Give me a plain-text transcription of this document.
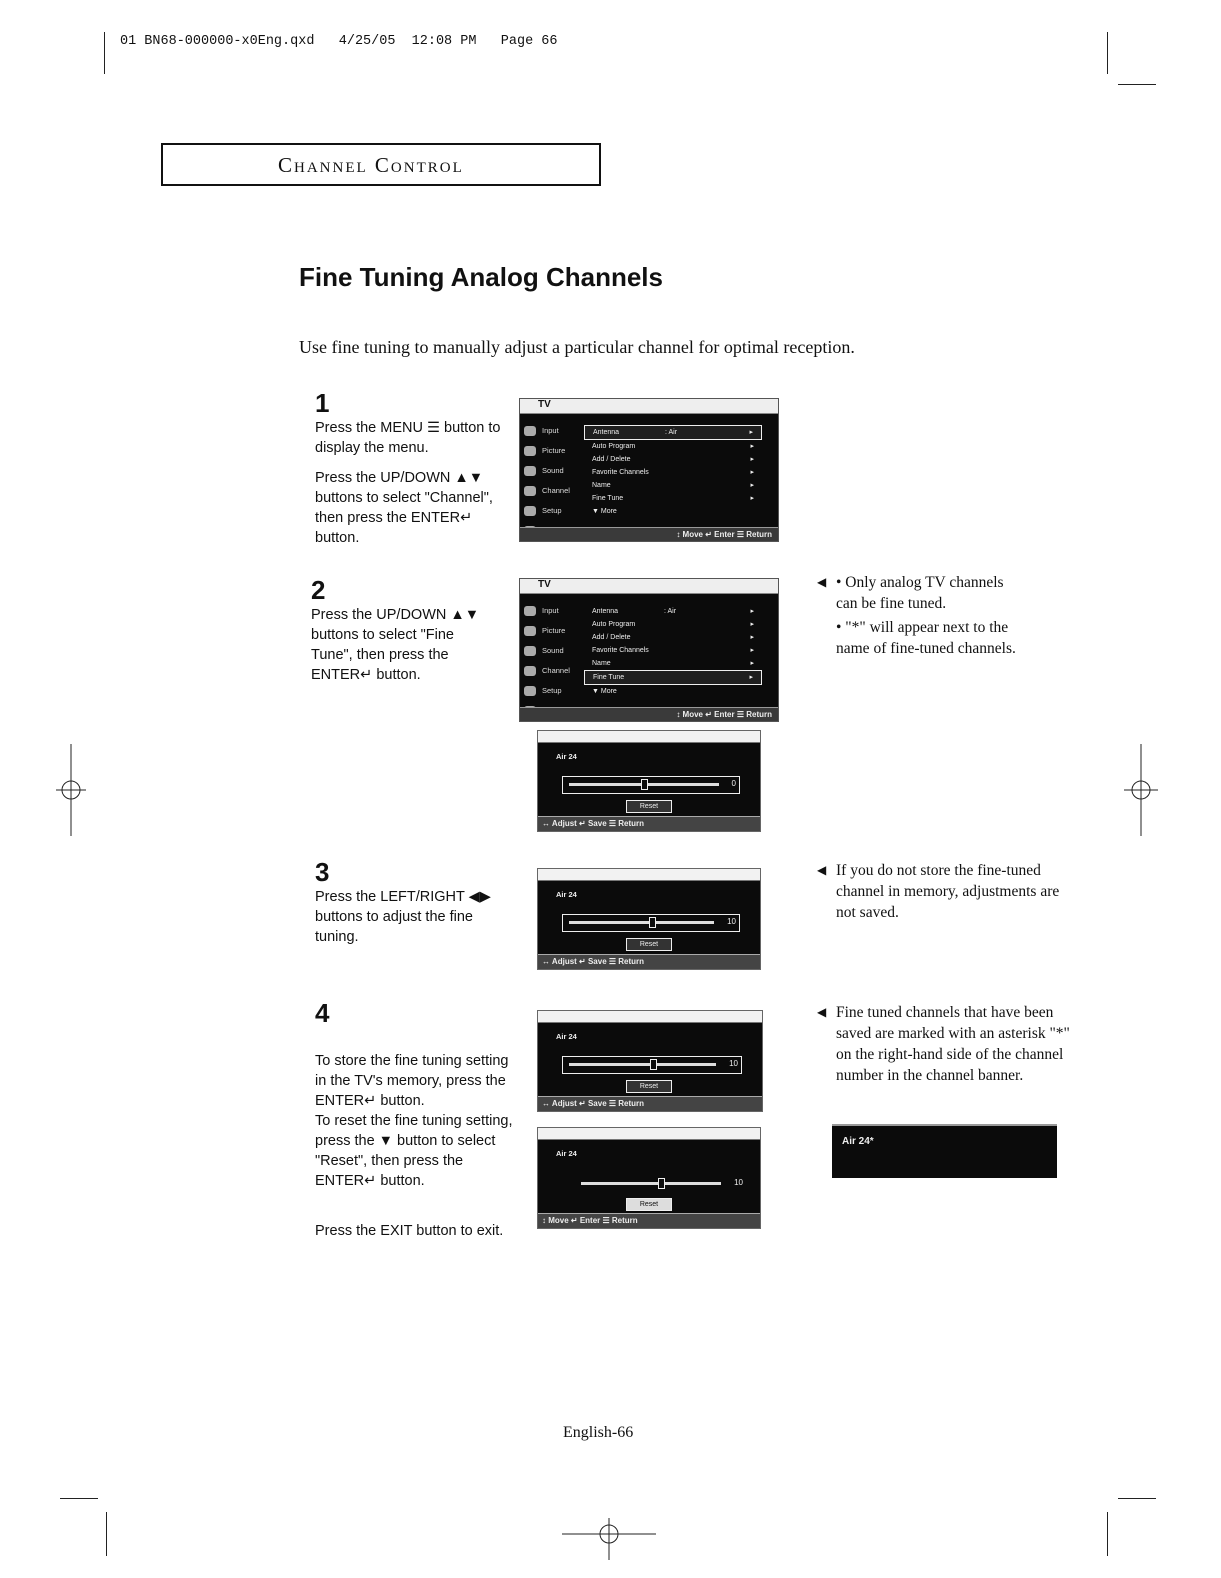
01 BN68-000000-x0Eng.qxd   4/25/05  12:08 PM   Page 66
Channel Control
Fine Tuning Analog Channels
Use fine tuning to manually adjust a particular channel for optimal reception.
1

Press the MENU ☰ button to display the menu.

Press the UP/DOWN ▲▼ buttons to select "Channel", then press the ENTER↵ button.

TV
Input
Picture
Sound
Channel
Setup
Antenna	: Air	▸
Auto Program	▸
Add / Delete	▸
Favorite Channels	▸
Name	▸
Fine Tune	▸
▼ More
↕ Move ↵ Enter ☰ Return
2

Press the UP/DOWN ▲▼ buttons to select "Fine Tune", then press the ENTER↵ button.

TV
Input
Picture
Sound
Channel
Setup
Antenna	: Air	▸
Auto Program	▸
Add / Delete	▸
Favorite Channels	▸
Name	▸
Fine Tune	▸
▼ More
↕ Move ↵ Enter ☰ Return
Air 24
0
Reset
↔ Adjust ↵ Save ☰ Return
Air 24
10
Reset
↔ Adjust ↵ Save ☰ Return
Air 24
10
Reset
↔ Adjust ↵ Save ☰ Return
Air 24
10
Reset
↕ Move ↵ Enter ☰ Return
3

Press the LEFT/RIGHT ◀▶ buttons to adjust the fine tuning.

4

To store the fine tuning setting in the TV's memory, press the ENTER↵ button.
To reset the fine tuning setting, press the ▼ button to select "Reset", then press the ENTER↵ button.

Press the EXIT button to exit.

◀ • Only analog TV channels can be fine tuned.
• "*" will appear next to the name of fine-tuned channels.
◀ If you do not store the fine-tuned channel in memory, adjustments are not saved.
◀ Fine tuned channels that have been saved are marked with an asterisk "*" on the right-hand side of the channel number in the channel banner.
Air 24*
English-66
